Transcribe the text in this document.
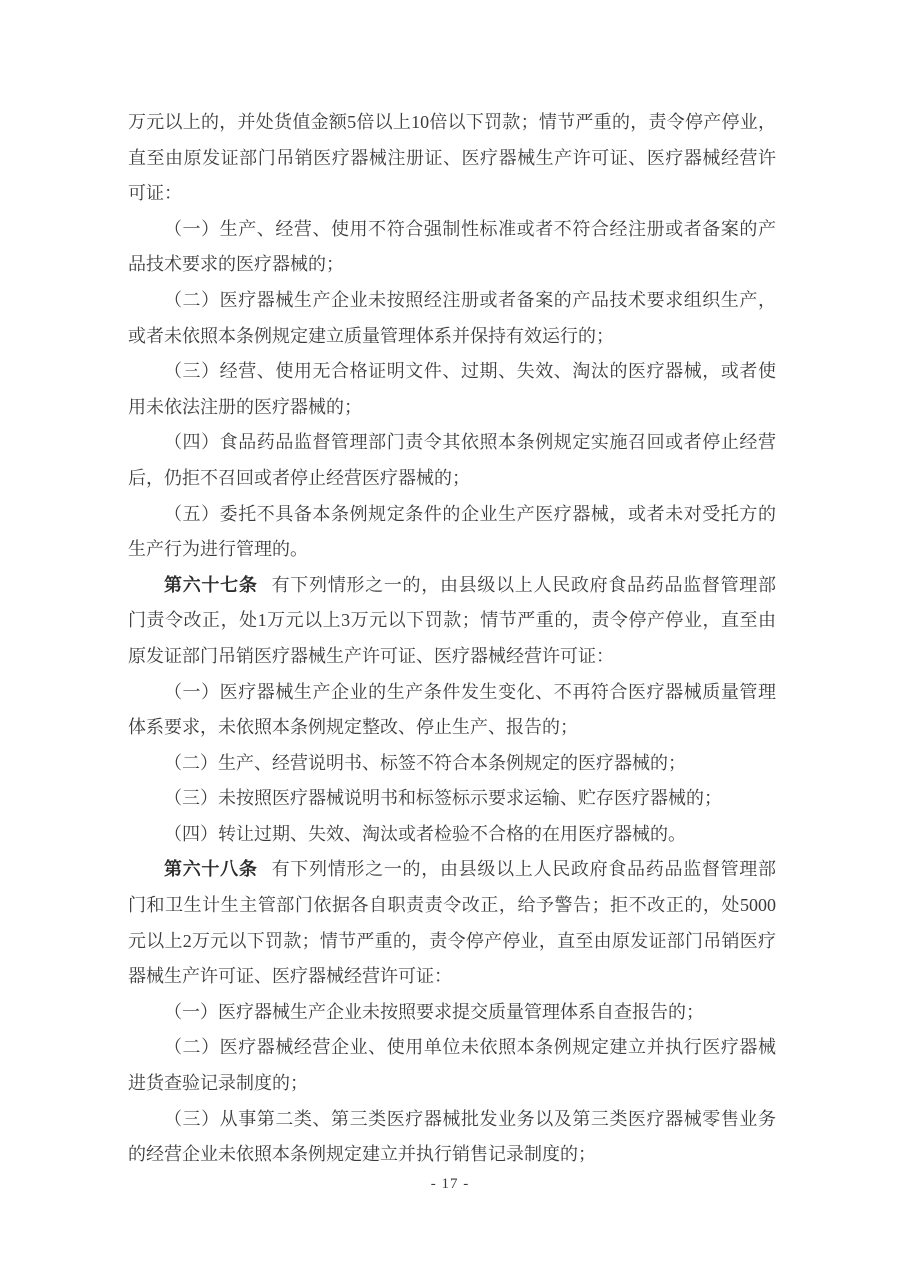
万元以上的，并处货值金额5倍以上10倍以下罚款；情节严重的，责令停产停业，
直至由原发证部门吊销医疗器械注册证、医疗器械生产许可证、医疗器械经营许
可证：
（一）生产、经营、使用不符合强制性标准或者不符合经注册或者备案的产
品技术要求的医疗器械的；
（二）医疗器械生产企业未按照经注册或者备案的产品技术要求组织生产，
或者未依照本条例规定建立质量管理体系并保持有效运行的；
（三）经营、使用无合格证明文件、过期、失效、淘汰的医疗器械，或者使
用未依法注册的医疗器械的；
（四）食品药品监督管理部门责令其依照本条例规定实施召回或者停止经营
后，仍拒不召回或者停止经营医疗器械的；
（五）委托不具备本条例规定条件的企业生产医疗器械，或者未对受托方的
生产行为进行管理的。
第六十七条 有下列情形之一的，由县级以上人民政府食品药品监督管理部
门责令改正，处1万元以上3万元以下罚款；情节严重的，责令停产停业，直至由
原发证部门吊销医疗器械生产许可证、医疗器械经营许可证：
（一）医疗器械生产企业的生产条件发生变化、不再符合医疗器械质量管理
体系要求，未依照本条例规定整改、停止生产、报告的；
（二）生产、经营说明书、标签不符合本条例规定的医疗器械的；
（三）未按照医疗器械说明书和标签标示要求运输、贮存医疗器械的；
（四）转让过期、失效、淘汰或者检验不合格的在用医疗器械的。
第六十八条 有下列情形之一的，由县级以上人民政府食品药品监督管理部
门和卫生计生主管部门依据各自职责责令改正，给予警告；拒不改正的，处5000
元以上2万元以下罚款；情节严重的，责令停产停业，直至由原发证部门吊销医疗
器械生产许可证、医疗器械经营许可证：
（一）医疗器械生产企业未按照要求提交质量管理体系自查报告的；
（二）医疗器械经营企业、使用单位未依照本条例规定建立并执行医疗器械
进货查验记录制度的；
（三）从事第二类、第三类医疗器械批发业务以及第三类医疗器械零售业务
的经营企业未依照本条例规定建立并执行销售记录制度的；
- 17 -
